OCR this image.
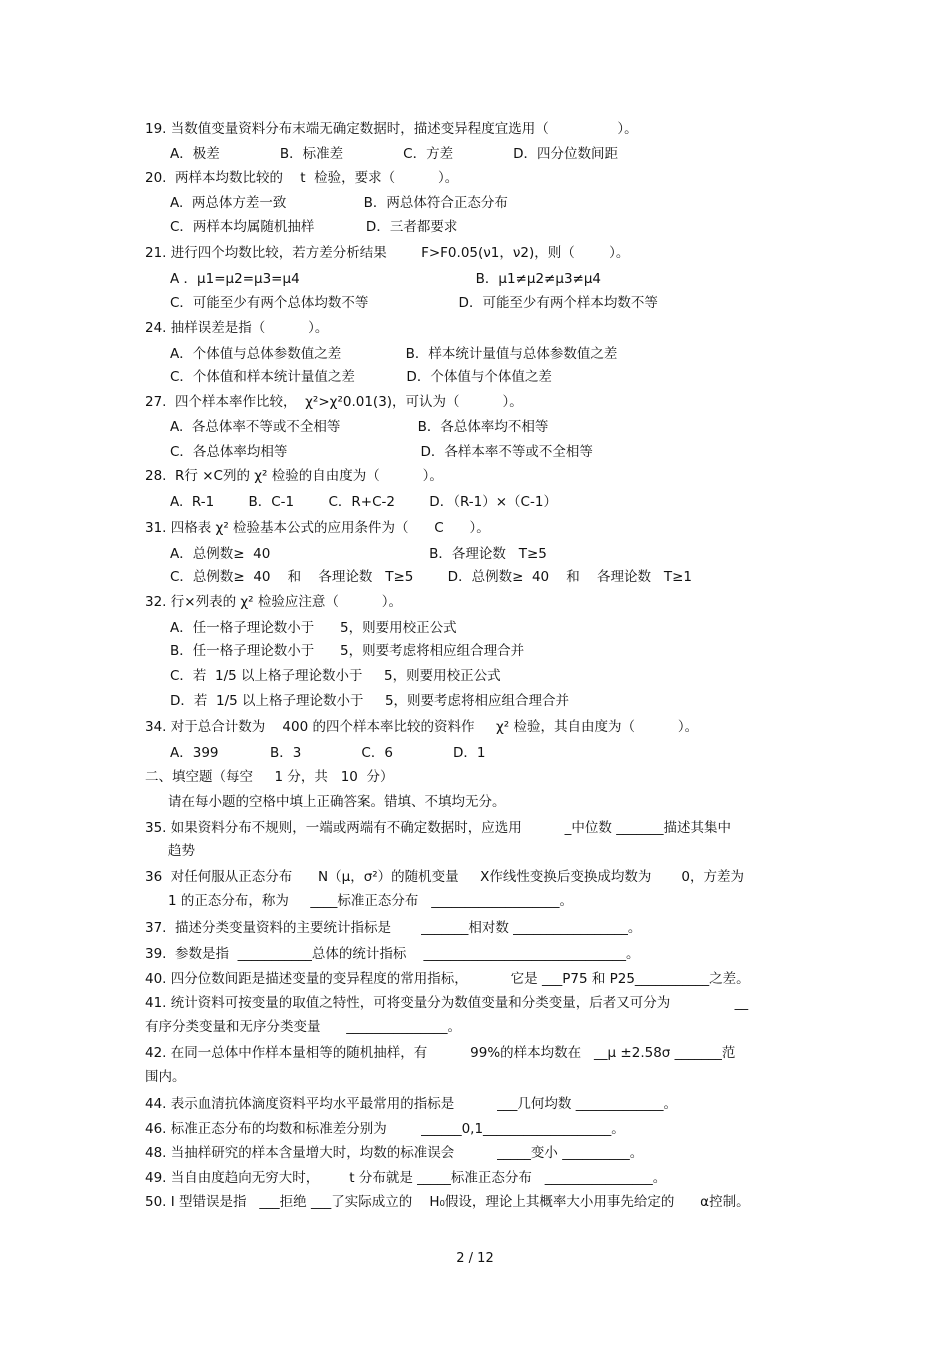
19. 当数值变量资料分布末端无确定数据时，描述变异程度宜选用（                ）。
A．极差              B．标准差              C．方差              D．四分位数间距
20.  两样本均数比较的    t  检验，要求（          ）。
A.  两总体方差一致                  B．两总体符合正态分布
C．两样本均属随机抽样            D．三者都要求
21. 进行四个均数比较，若方差分析结果        F>F0.05(ν1，ν2)，则（        ）。
A ．μ1=μ2=μ3=μ4                                         B．μ1≠μ2≠μ3≠μ4
C．可能至少有两个总体均数不等                     D．可能至少有两个样本均数不等
24. 抽样误差是指（          ）。
A．个体值与总体参数值之差               B．样本统计量值与总体参数值之差
C．个体值和样本统计量值之差            D．个体值与个体值之差
27.  四个样本率作比较，  χ²>χ²0.01(3)，可认为（          ）。
A.  各总体率不等或不全相等                  B．各总体率均不相等
C．各总体率均相等                               D．各样本率不等或不全相等
28.  R行 ×C列的 χ² 检验的自由度为（          ）。
A.  R-1        B．C-1        C．R+C-2        D．（R-1）×（C-1）
31. 四格表 χ² 检验基本公式的应用条件为（      C      ）。
A．总例数≥  40                                     B．各理论数   T≥5
C．总例数≥  40    和    各理论数   T≥5        D．总例数≥  40    和    各理论数   T≥1
32. 行×列表的 χ² 检验应注意（          ）。
A．任一格子理论数小于      5，则要用校正公式
B．任一格子理论数小于      5，则要考虑将相应组合理合并
C．若  1/5 以上格子理论数小于     5，则要用校正公式
D．若  1/5 以上格子理论数小于     5，则要考虑将相应组合理合并
34. 对于总合计数为    400 的四个样本率比较的资料作     χ² 检验，其自由度为（          ）。
A．399            B．3              C．6              D．1
二、填空题（每空     1 分，共   10  分）
请在每小题的空格中填上正确答案。错填、不填均无分。
35. 如果资料分布不规则，一端或两端有不确定数据时，应选用          _中位数 _______描述其集中
趋势
36  对任何服从正态分布      N（μ，σ²）的随机变量     X作线性变换后变换成均数为       0，方差为
1 的正态分布，称为     ____标准正态分布   ___________________。
37.  描述分类变量资料的主要统计指标是       _______相对数 _________________。
39.  参数是指  ___________总体的统计指标    ______________________________。
40. 四分位数间距是描述变量的变异程度的常用指标，          它是 ___P75 和 P25___________之差。
41. 统计资料可按变量的取值之特性，可将变量分为数值变量和分类变量，后者又可分为               __
有序分类变量和无序分类变量      _______________。
42. 在同一总体中作样本量相等的随机抽样，有          99%的样本均数在   __μ ±2.58σ _______范
围内。
44. 表示血清抗体滴度资料平均水平最常用的指标是          ___几何均数 _____________。
46. 标准正态分布的均数和标准差分别为        ______0,1___________________。
48. 当抽样研究的样本含量增大时，均数的标准误会          _____变小 __________。
49. 当自由度趋向无穷大时，       t 分布就是 _____标准正态分布   ________________。
50. I 型错误是指   ___拒绝 ___了实际成立的    H₀假设，理论上其概率大小用事先给定的      α控制。
2 / 12
